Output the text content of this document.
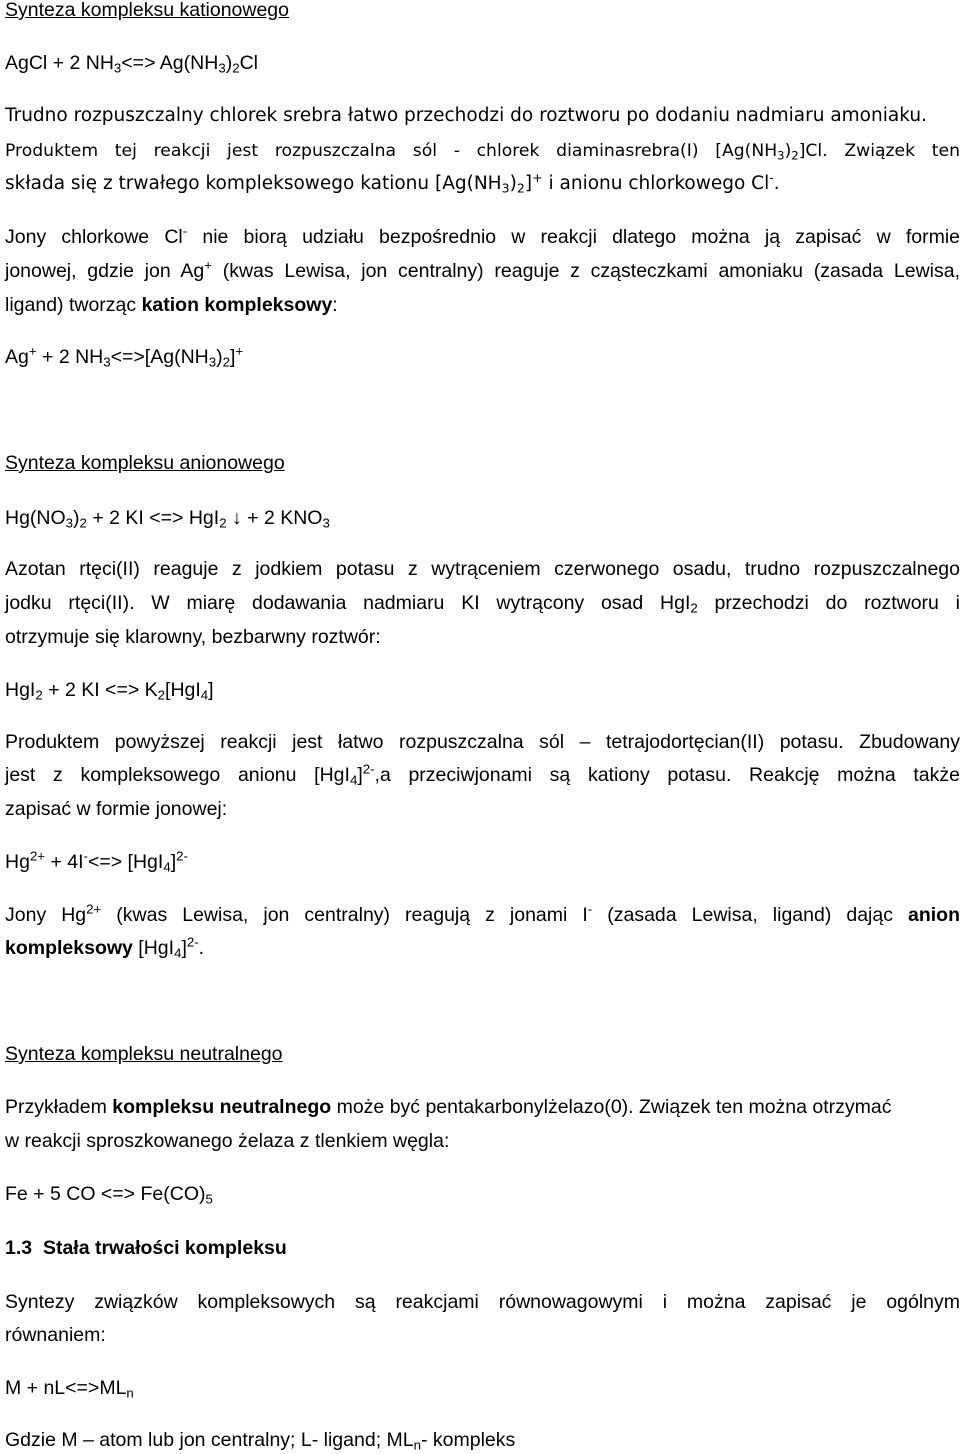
Synteza kompleksu kationowego
AgCl + 2 $NH_3<=> Ag(NH_3)_2Cl$
Trudno rozpuszczalny chlorek srebra łatwo przechodzi do roztworu po dodaniu nadmiaru amoniaku.
Produktem tej reakcji jest rozpuszczalna sól - chlorek diaminasrebra(I) $[Ag(NH_3)_2]Cl$. Związek ten
składa się z trwałego kompleksowego kationu $[Ag(NH_3)_2]^+$ i anionu chlorkowego Cl-.
Jony chlorkowe Cl- nie biorą udziału bezpośrednio w reakcji dlatego można ją zapisać w formie
jonowej, gdzie jon Ag+ (kwas Lewisa, jon centralny) reaguje z cząsteczkami amoniaku (zasada Lewisa,
ligand) tworząc kation kompleksowy:
Ag+ + 2 $NH_3<=>[Ag(NH_3)_2]^+$
Synteza kompleksu anionowego
$Hg(NO_3)_2 + 2$ KI <=> HgI$_2$ ↓ + 2 $KNO_3$
Azotan rtęci(II) reaguje z jodkiem potasu z wytrąceniem czerwonego osadu, trudno rozpuszczalnego
jodku rtęci(II). W miarę dodawania nadmiaru KI wytrącony osad HgI$_2$ przechodzi do roztworu i
otrzymuje się klarowny, bezbarwny roztwór:
HgI$_2$ + 2 KI <=> $K_2[HgI_4]$
Produktem powyższej reakcji jest łatwo rozpuszczalna sól – tetrajodortęcian(II) potasu. Zbudowany
jest z kompleksowego anionu $[HgI_4]^{2-},a$ przeciwjonami są kationy potasu. Reakcję można także
zapisać w formie jonowej:
$Hg^{2+} + 4I^-<=> [HgI_4]^{2-}$
Jony $Hg^{2+}$ (kwas Lewisa, jon centralny) reagują z jonami I- (zasada Lewisa, ligand) dając anion
kompleksowy $[HgI_4]^{2-}$.
Synteza kompleksu neutralnego
Przykładem kompleksu neutralnego może być pentakarbonylżelazo(0). Związek ten można otrzymać
w reakcji sproszkowanego żelaza z tlenkiem węgla:
Fe + 5 CO <=> $Fe(CO)_5$
1.3 Stała trwałości kompleksu
Syntezy związków kompleksowych są reakcjami równowagowymi i można zapisać je ogólnym
równaniem:
$M + nL<=>ML_n$
Gdzie M – atom lub jon centralny; L- ligand; $ML_n-$ kompleks
